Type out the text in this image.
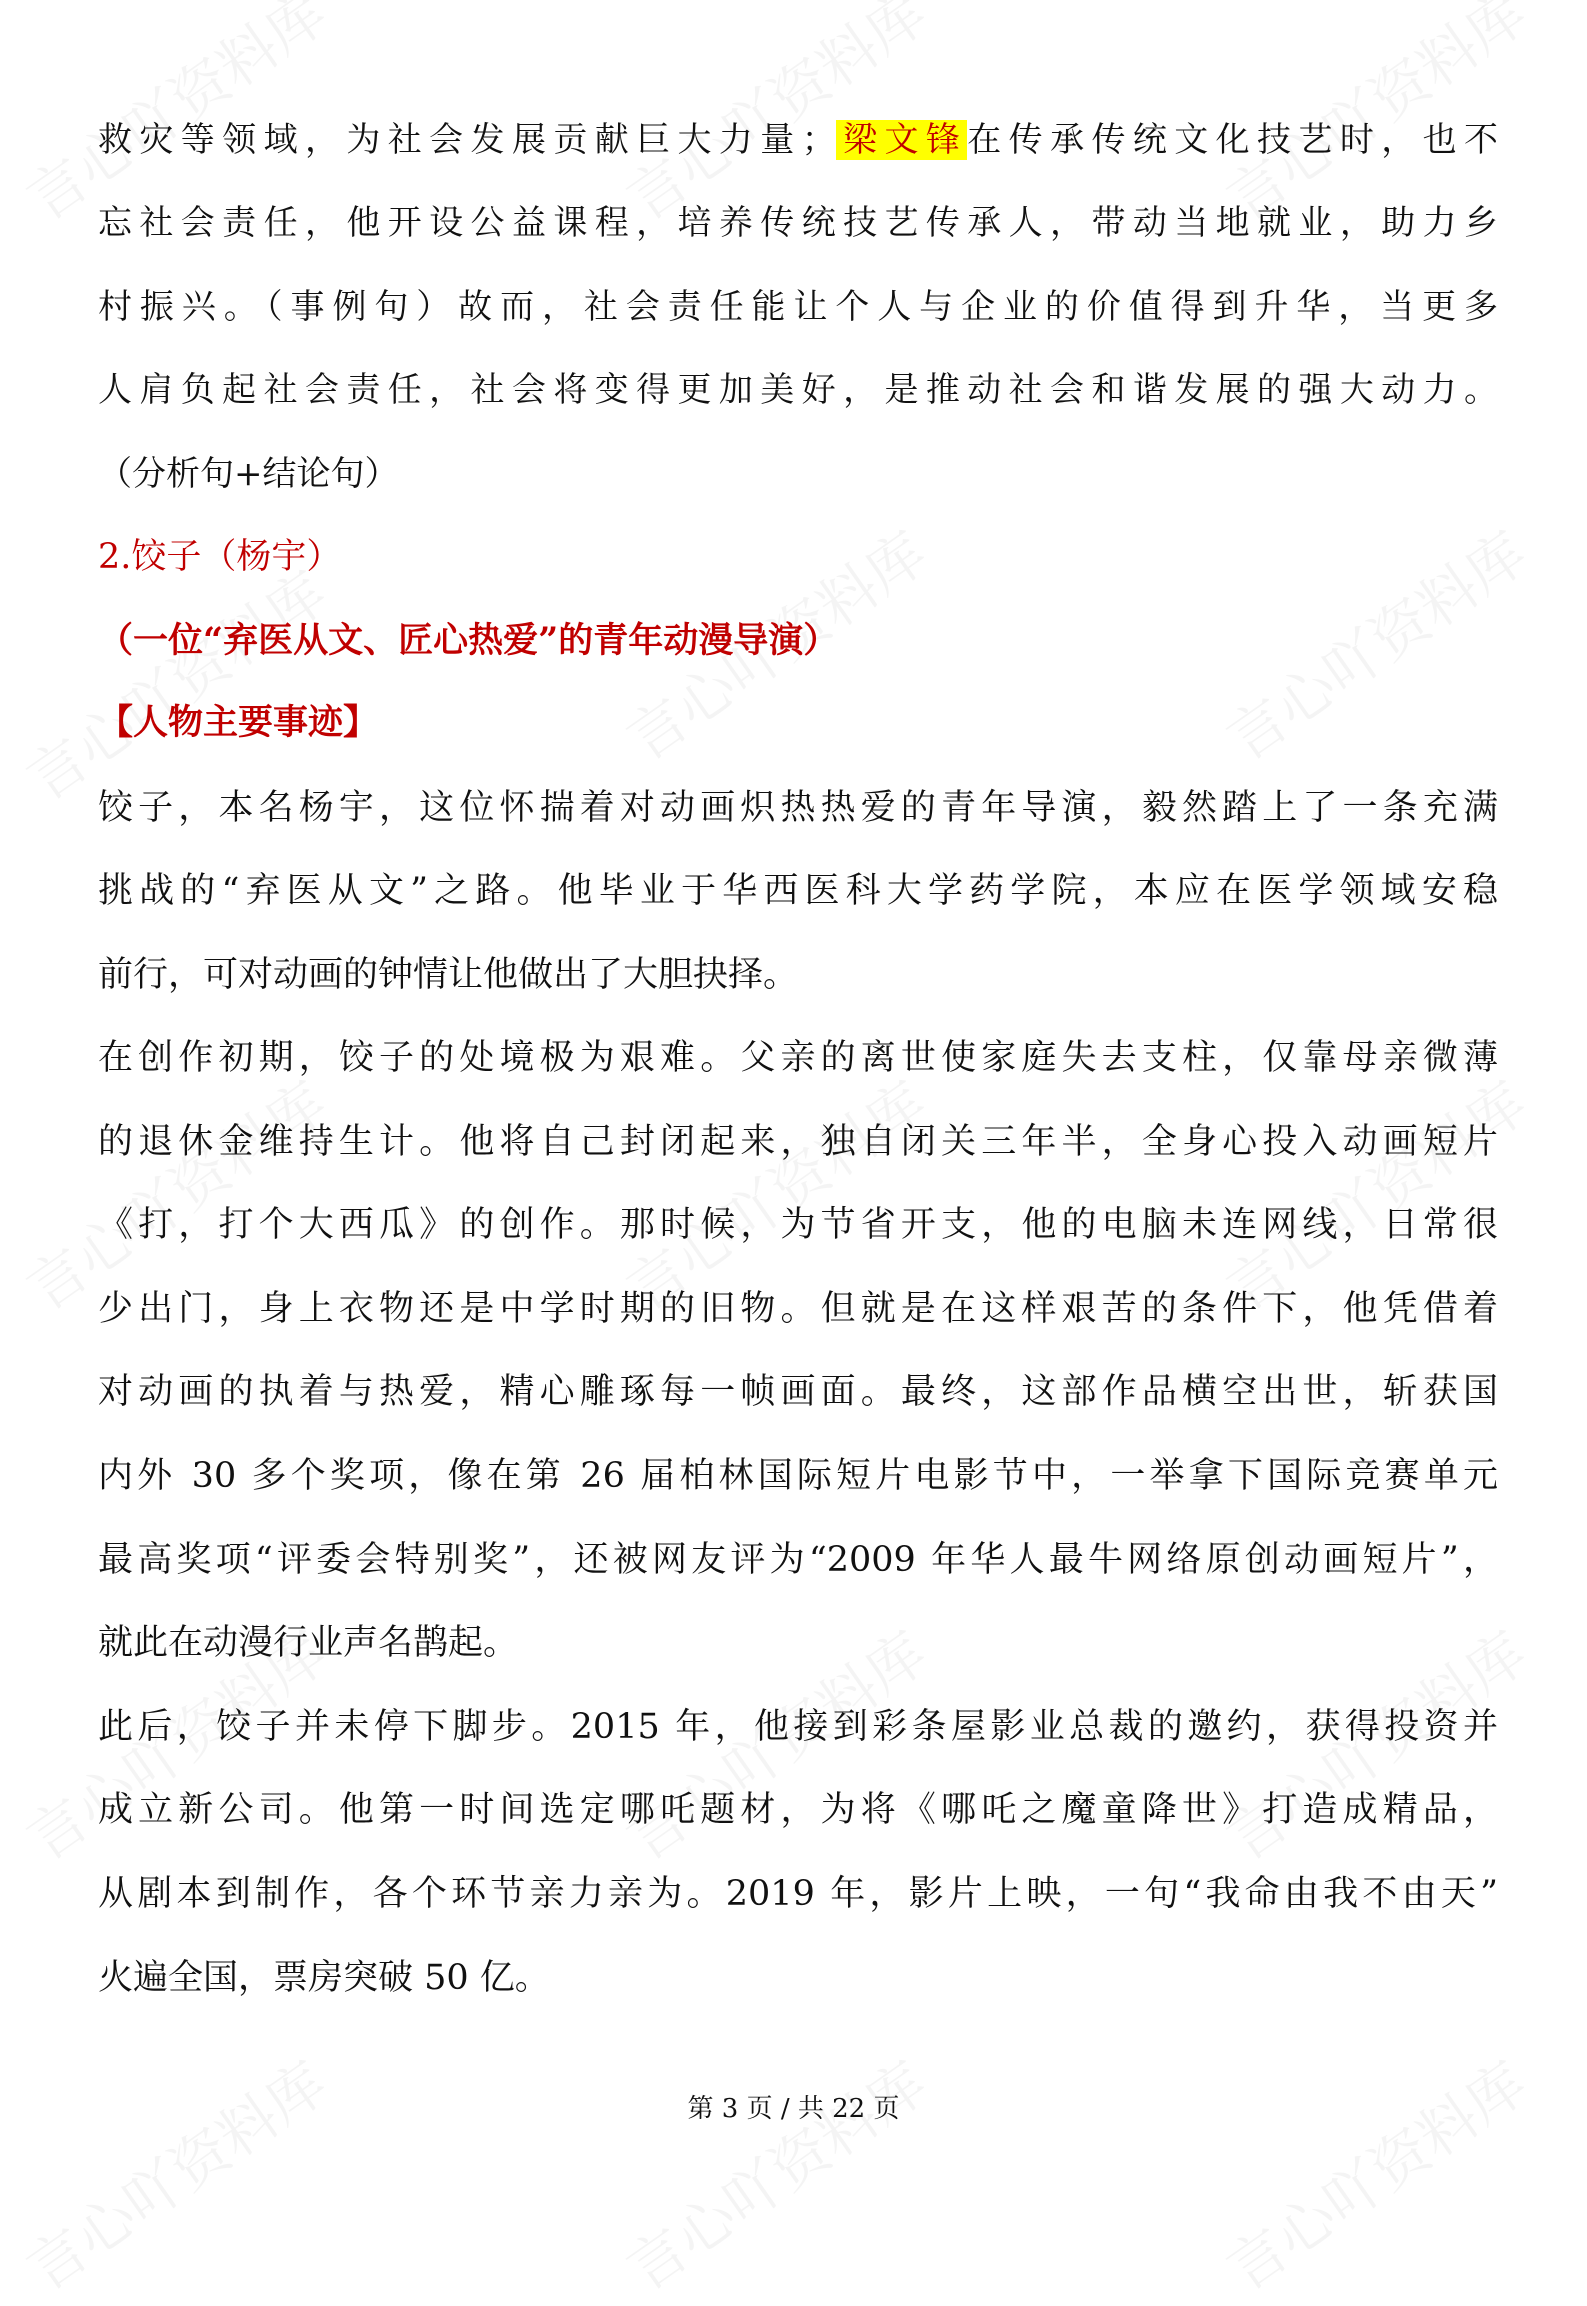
救灾等领域，为社会发展贡献巨大力量；梁文锋在传承传统文化技艺时，也不
忘社会责任，他开设公益课程，培养传统技艺传承人，带动当地就业，助力乡
村振兴。（事例句）故而，社会责任能让个人与企业的价值得到升华，当更多
人肩负起社会责任，社会将变得更加美好，是推动社会和谐发展的强大动力。
（分析句+结论句）
2.饺子（杨宇）
（一位“弃医从文、匠心热爱”的青年动漫导演）
【人物主要事迹】
饺子，本名杨宇，这位怀揣着对动画炽热热爱的青年导演，毅然踏上了一条充满
挑战的“弃医从文”之路。他毕业于华西医科大学药学院，本应在医学领域安稳
前行，可对动画的钟情让他做出了大胆抉择。
在创作初期，饺子的处境极为艰难。父亲的离世使家庭失去支柱，仅靠母亲微薄
的退休金维持生计。他将自己封闭起来，独自闭关三年半，全身心投入动画短片
《打，打个大西瓜》的创作。那时候，为节省开支，他的电脑未连网线，日常很
少出门，身上衣物还是中学时期的旧物。但就是在这样艰苦的条件下，他凭借着
对动画的执着与热爱，精心雕琢每一帧画面。最终，这部作品横空出世，斩获国
内外 30 多个奖项，像在第 26 届柏林国际短片电影节中，一举拿下国际竞赛单元
最高奖项“评委会特别奖”，还被网友评为“2009 年华人最牛网络原创动画短片”，
就此在动漫行业声名鹊起。
此后，饺子并未停下脚步。2015 年，他接到彩条屋影业总裁的邀约，获得投资并
成立新公司。他第一时间选定哪吒题材，为将《哪吒之魔童降世》打造成精品，
从剧本到制作，各个环节亲力亲为。2019 年，影片上映，一句“我命由我不由天”
火遍全国，票房突破 50 亿。
第 3 页 / 共 22 页
